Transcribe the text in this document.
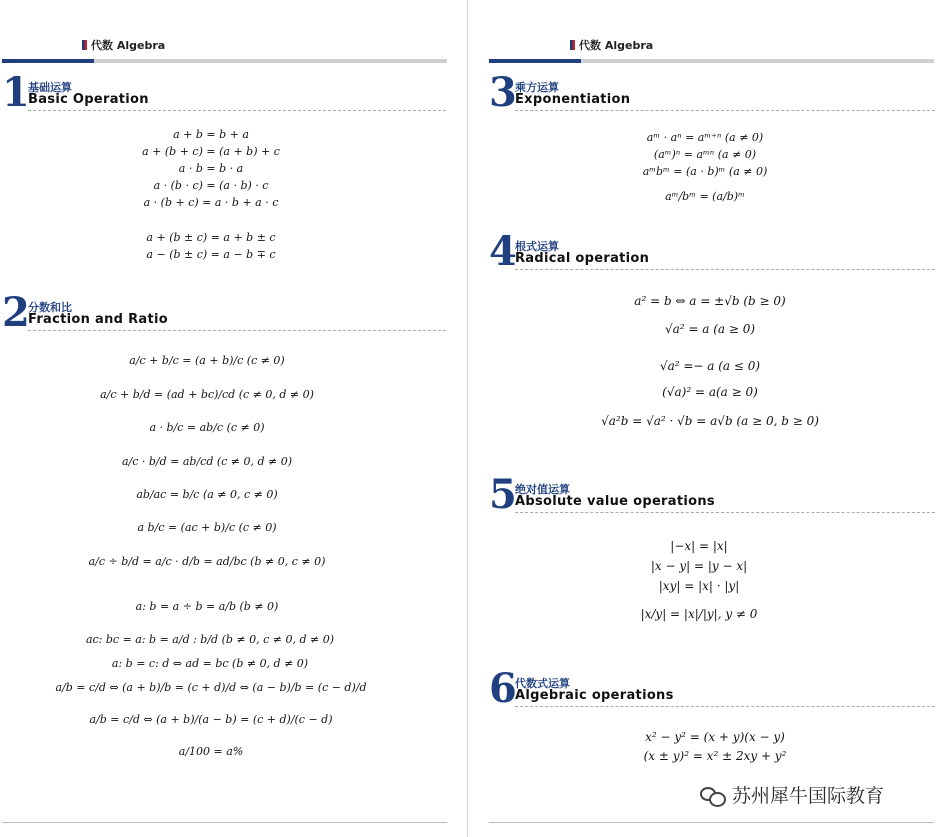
代数 Algebra
1
基础运算
Basic Operation
a + b = b + a
a + (b + c) = (a + b) + c
a · b = b · a
a · (b · c) = (a · b) · c
a · (b + c) = a · b + a · c
a + (b ± c) = a + b ± c
a − (b ± c) = a − b ∓ c
2
分数和比
Fraction and Ratio
a/c + b/c = (a + b)/c (c ≠ 0)
a/c + b/d = (ad + bc)/cd (c ≠ 0, d ≠ 0)
a · b/c = ab/c (c ≠ 0)
a/c · b/d = ab/cd (c ≠ 0, d ≠ 0)
ab/ac = b/c (a ≠ 0, c ≠ 0)
a b/c = (ac + b)/c (c ≠ 0)
a/c ÷ b/d = a/c · d/b = ad/bc (b ≠ 0, c ≠ 0)
a: b = a ÷ b = a/b (b ≠ 0)
ac: bc = a: b = a/d : b/d (b ≠ 0, c ≠ 0, d ≠ 0)
a: b = c: d ⇔ ad = bc (b ≠ 0, d ≠ 0)
a/b = c/d ⇔ (a + b)/b = (c + d)/d ⇔ (a − b)/b = (c − d)/d
a/b = c/d ⇔ (a + b)/(a − b) = (c + d)/(c − d)
a/100 = a%
代数 Algebra
3
乘方运算
Exponentiation
aᵐ · aⁿ = aᵐ⁺ⁿ (a ≠ 0)
(aᵐ)ⁿ = aᵐⁿ (a ≠ 0)
aᵐbᵐ = (a · b)ᵐ (a ≠ 0)
aᵐ/bᵐ = (a/b)ᵐ
4
根式运算
Radical operation
a² = b ⇔ a = ±√b (b ≥ 0)
√a² = a (a ≥ 0)
√a² =− a (a ≤ 0)
(√a)² = a(a ≥ 0)
√a²b = √a² · √b = a√b (a ≥ 0, b ≥ 0)
5
绝对值运算
Absolute value operations
|−x| = |x|
|x − y| = |y − x|
|xy| = |x| · |y|
|x/y| = |x|/|y|, y ≠ 0
6
代数式运算
Algebraic operations
x² − y² = (x + y)(x − y)
(x ± y)² = x² ± 2xy + y²
苏州犀牛国际教育
